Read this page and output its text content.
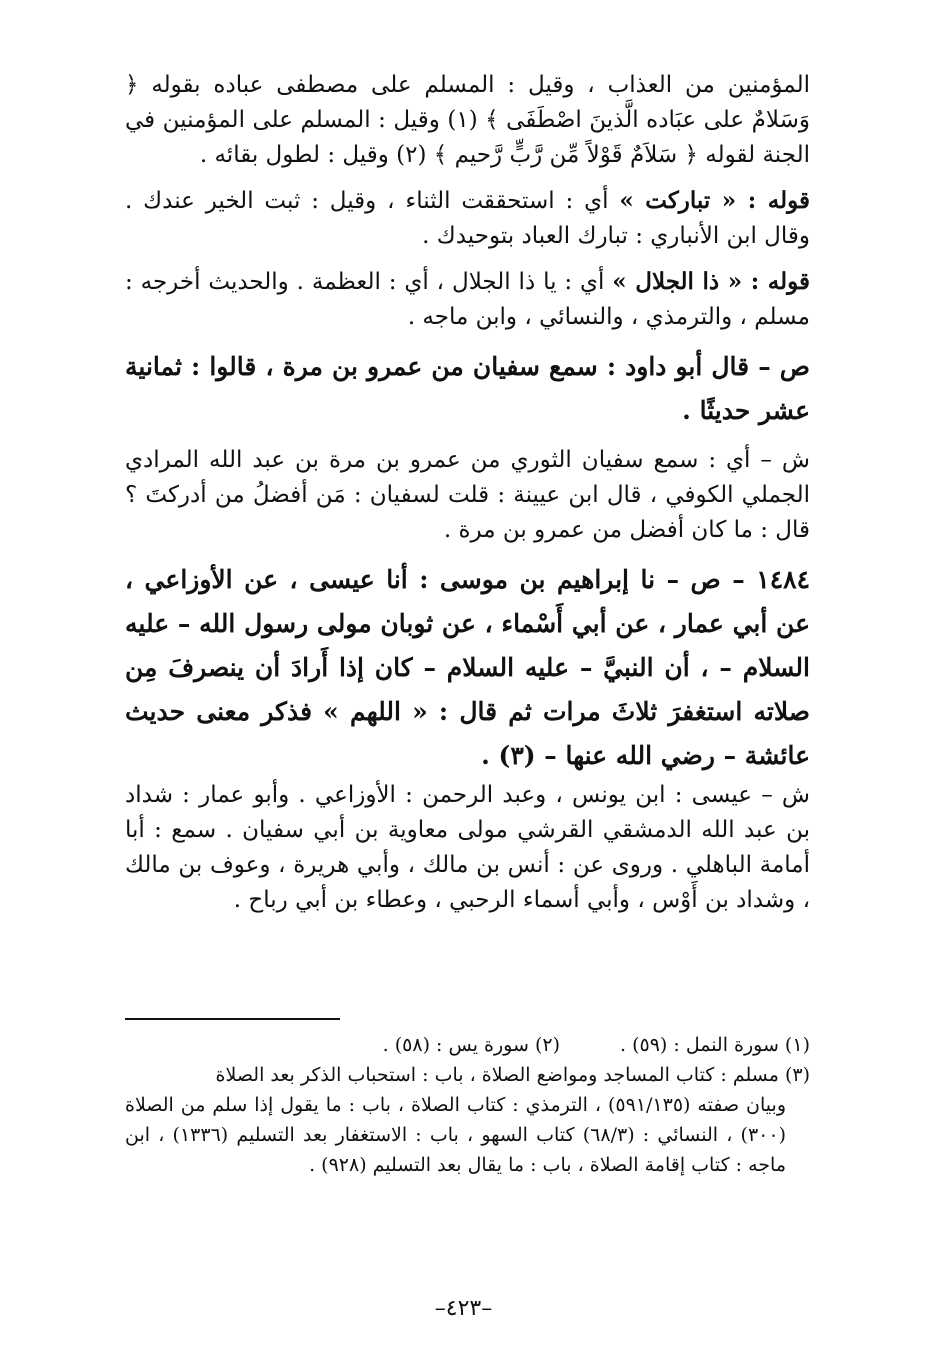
المؤمنين من العذاب ، وقيل : المسلم على مصطفى عباده بقوله ﴿ وَسَلامٌ على عبَاده الَّذينَ اصْطَفَى ﴾ (١) وقيل : المسلم على المؤمنين في الجنة لقوله ﴿ سَلاَمٌ قَوْلاً مِّن رَّبٍّ رَّحيم ﴾ (٢) وقيل : لطول بقائه .

قوله : « تباركت » أي : استحققت الثناء ، وقيل : ثبت الخير عندك . وقال ابن الأنباري : تبارك العباد بتوحيدك .

قوله : « ذا الجلال » أي : يا ذا الجلال ، أي : العظمة . والحديث أخرجه : مسلم ، والترمذي ، والنسائي ، وابن ماجه .

ص – قال أبو داود : سمع سفيان من عمرو بن مرة ، قالوا : ثمانية عشر حديثًا .

ش – أي : سمع سفيان الثوري من عمرو بن مرة بن عبد الله المرادي الجملي الكوفي ، قال ابن عيينة : قلت لسفيان : مَن أفضلُ من أدركتَ ؟ قال : ما كان أفضل من عمرو بن مرة .

١٤٨٤ – ص – نا إبراهيم بن موسى : أنا عيسى ، عن الأوزاعي ، عن أبي عمار ، عن أبي أَسْماء ، عن ثوبان مولى رسول الله – عليه السلام – ، أن النبيَّ – عليه السلام – كان إذا أَرادَ أن ينصرفَ مِن صلاته استغفرَ ثلاثَ مرات ثم قال : « اللهم » فذكر معنى حديث عائشة – رضي الله عنها – (٣) .

ش – عيسى : ابن يونس ، وعبد الرحمن : الأوزاعي . وأبو عمار : شداد بن عبد الله الدمشقي القرشي مولى معاوية بن أبي سفيان . سمع : أبا أمامة الباهلي . وروى عن : أنس بن مالك ، وأبي هريرة ، وعوف بن مالك ، وشداد بن أَوْس ، وأبي أسماء الرحبي ، وعطاء بن أبي رباح .

(١) سورة النمل : (٥٩) .
(٢) سورة يس : (٥٨) .
(٣) مسلم : كتاب المساجد ومواضع الصلاة ، باب : استحباب الذكر بعد الصلاة
وبيان صفته (٥٩١/١٣٥) ، الترمذي : كتاب الصلاة ، باب : ما يقول إذا سلم من الصلاة (٣٠٠) ، النسائي : (٦٨/٣) كتاب السهو ، باب : الاستغفار بعد التسليم (١٣٣٦) ، ابن ماجه : كتاب إقامة الصلاة ، باب : ما يقال بعد التسليم (٩٢٨) .
–٤٢٣–
